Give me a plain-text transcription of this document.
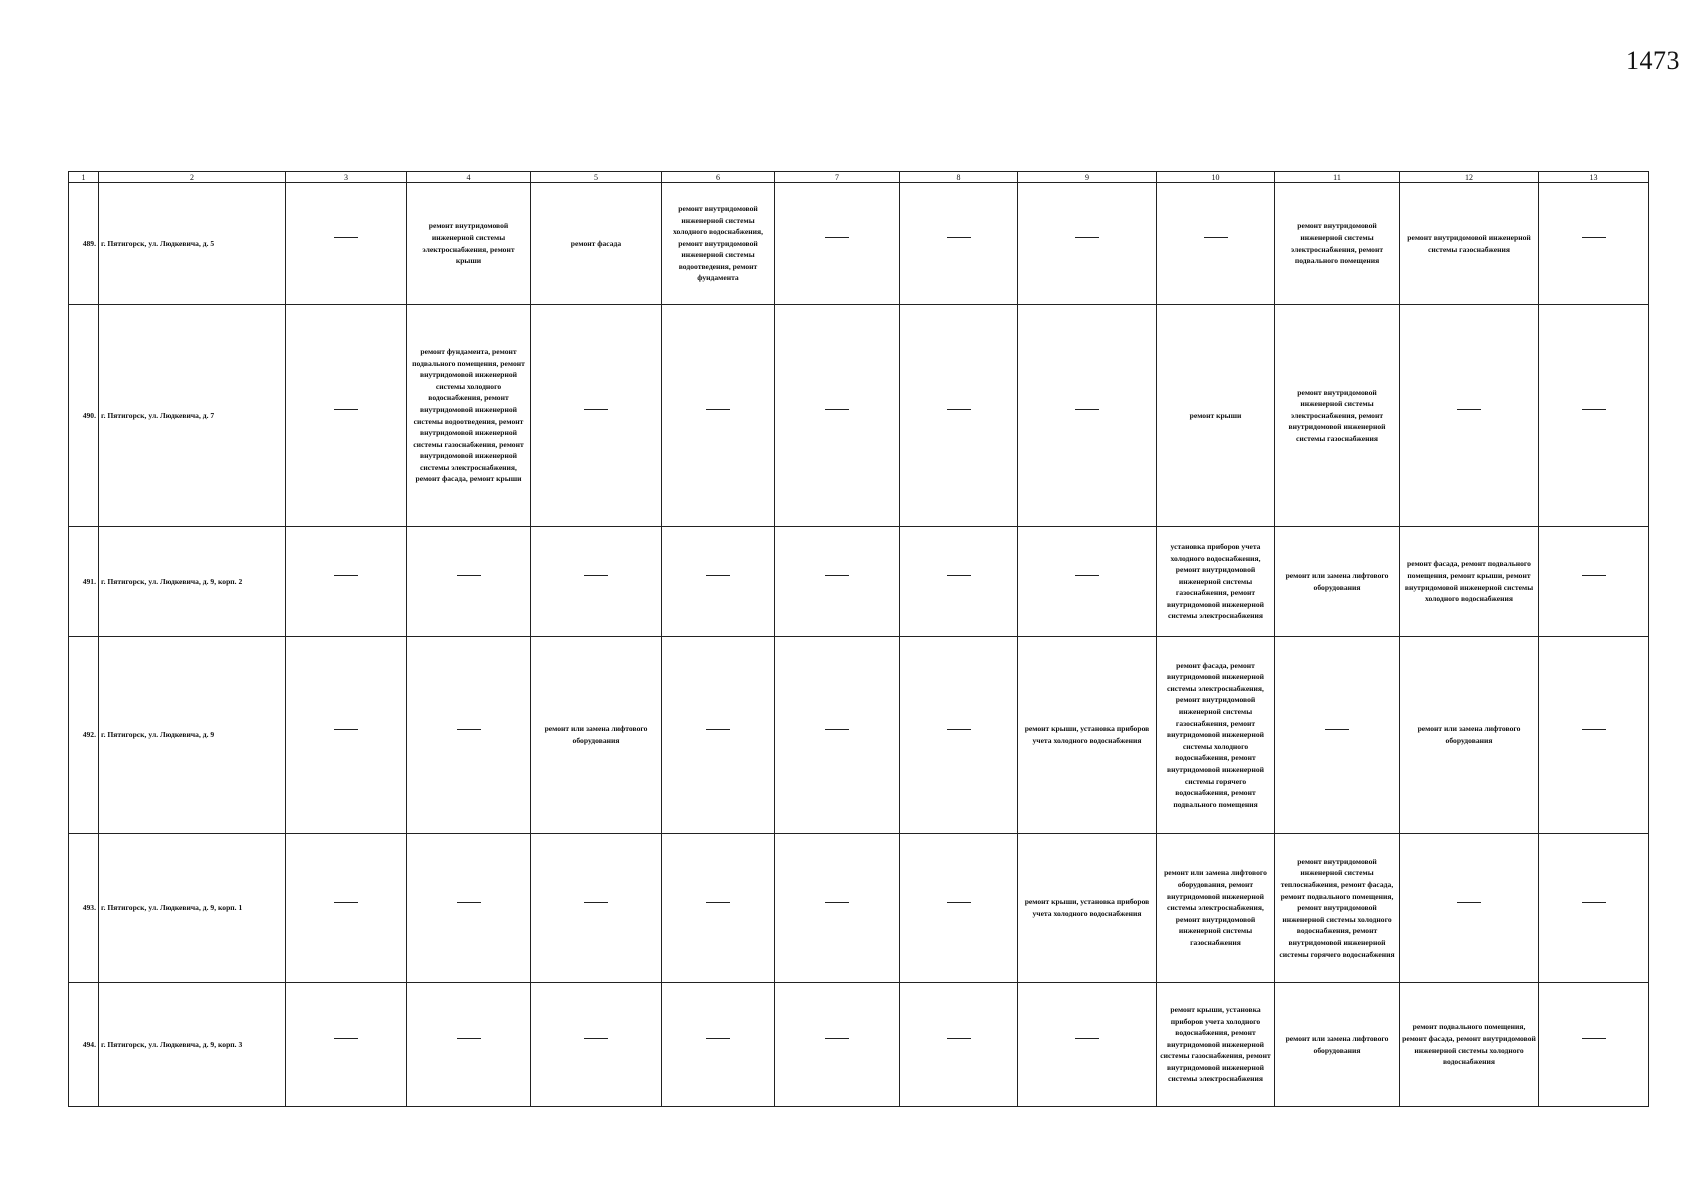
1473
1	2	3	4	5	6	7	8	9	10	11	12	13
489.	г. Пятигорск, ул. Людкевича, д. 5		ремонт внутридомовой инженерной системы электроснабжения, ремонт крыши	ремонт фасада	ремонт внутридомовой инженерной системы холодного водоснабжения, ремонт внутридомовой инженерной системы водоотведения, ремонт фундамента					ремонт внутридомовой инженерной системы электроснабжения, ремонт подвального помещения	ремонт внутридомовой инженерной системы газоснабжения	
490.	г. Пятигорск, ул. Людкевича, д. 7		ремонт фундамента, ремонт подвального помещения, ремонт внутридомовой инженерной системы холодного водоснабжения, ремонт внутридомовой инженерной системы водоотведения, ремонт внутридомовой инженерной системы газоснабжения, ремонт внутридомовой инженерной системы электроснабжения, ремонт фасада, ремонт крыши						ремонт крыши	ремонт внутридомовой инженерной системы электроснабжения, ремонт внутридомовой инженерной системы газоснабжения		
491.	г. Пятигорск, ул. Людкевича, д. 9, корп. 2								установка приборов учета холодного водоснабжения, ремонт внутридомовой инженерной системы газоснабжения, ремонт внутридомовой инженерной системы электроснабжения	ремонт или замена лифтового оборудования	ремонт фасада, ремонт подвального помещения, ремонт крыши, ремонт внутридомовой инженерной системы холодного водоснабжения	
492.	г. Пятигорск, ул. Людкевича, д. 9			ремонт или замена лифтового оборудования				ремонт крыши, установка приборов учета холодного водоснабжения	ремонт фасада, ремонт внутридомовой инженерной системы электроснабжения, ремонт внутридомовой инженерной системы газоснабжения, ремонт внутридомовой инженерной системы холодного водоснабжения, ремонт внутридомовой инженерной системы горячего водоснабжения, ремонт подвального помещения		ремонт или замена лифтового оборудования	
493.	г. Пятигорск, ул. Людкевича, д. 9, корп. 1							ремонт крыши, установка приборов учета холодного водоснабжения	ремонт или замена лифтового оборудования, ремонт внутридомовой инженерной системы электроснабжения, ремонт внутридомовой инженерной системы газоснабжения	ремонт внутридомовой инженерной системы теплоснабжения, ремонт фасада, ремонт подвального помещения, ремонт внутридомовой инженерной системы холодного водоснабжения, ремонт внутридомовой инженерной системы горячего водоснабжения		
494.	г. Пятигорск, ул. Людкевича, д. 9, корп. 3								ремонт крыши, установка приборов учета холодного водоснабжения, ремонт внутридомовой инженерной системы газоснабжения, ремонт внутридомовой инженерной системы электроснабжения	ремонт или замена лифтового оборудования	ремонт подвального помещения, ремонт фасада, ремонт внутридомовой инженерной системы холодного водоснабжения	
